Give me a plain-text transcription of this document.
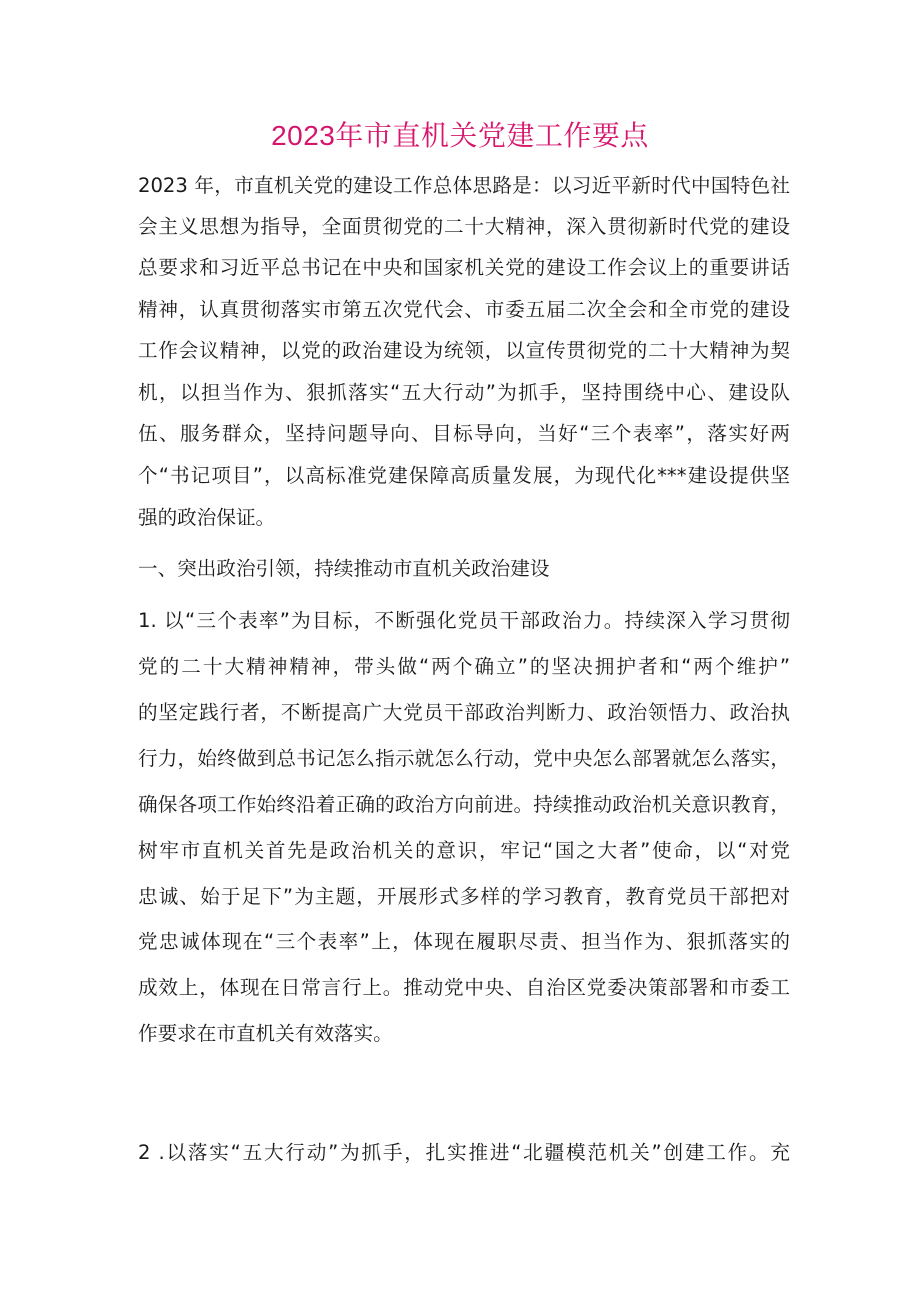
2023年市直机关党建工作要点

2023 年，市直机关党的建设工作总体思路是：以习近平新时代中国特色社

会主义思想为指导，全面贯彻党的二十大精神，深入贯彻新时代党的建设

总要求和习近平总书记在中央和国家机关党的建设工作会议上的重要讲话

精神，认真贯彻落实市第五次党代会、市委五届二次全会和全市党的建设

工作会议精神，以党的政治建设为统领，以宣传贯彻党的二十大精神为契

机，以担当作为、狠抓落实“五大行动”为抓手，坚持围绕中心、建设队

伍、服务群众，坚持问题导向、目标导向，当好“三个表率”，落实好两

个“书记项目”，以高标准党建保障高质量发展，为现代化***建设提供坚

强的政治保证。

一、突出政治引领，持续推动市直机关政治建设

1. 以“三个表率”为目标，不断强化党员干部政治力。持续深入学习贯彻

党的二十大精神精神，带头做“两个确立”的坚决拥护者和“两个维护”

的坚定践行者，不断提高广大党员干部政治判断力、政治领悟力、政治执

行力，始终做到总书记怎么指示就怎么行动，党中央怎么部署就怎么落实，

确保各项工作始终沿着正确的政治方向前进。持续推动政治机关意识教育，

树牢市直机关首先是政治机关的意识，牢记“国之大者”使命，以“对党

忠诚、始于足下”为主题，开展形式多样的学习教育，教育党员干部把对

党忠诚体现在“三个表率”上，体现在履职尽责、担当作为、狠抓落实的

成效上，体现在日常言行上。推动党中央、自治区党委决策部署和市委工

作要求在市直机关有效落实。

2 .以落实“五大行动”为抓手，扎实推进“北疆模范机关”创建工作。充
